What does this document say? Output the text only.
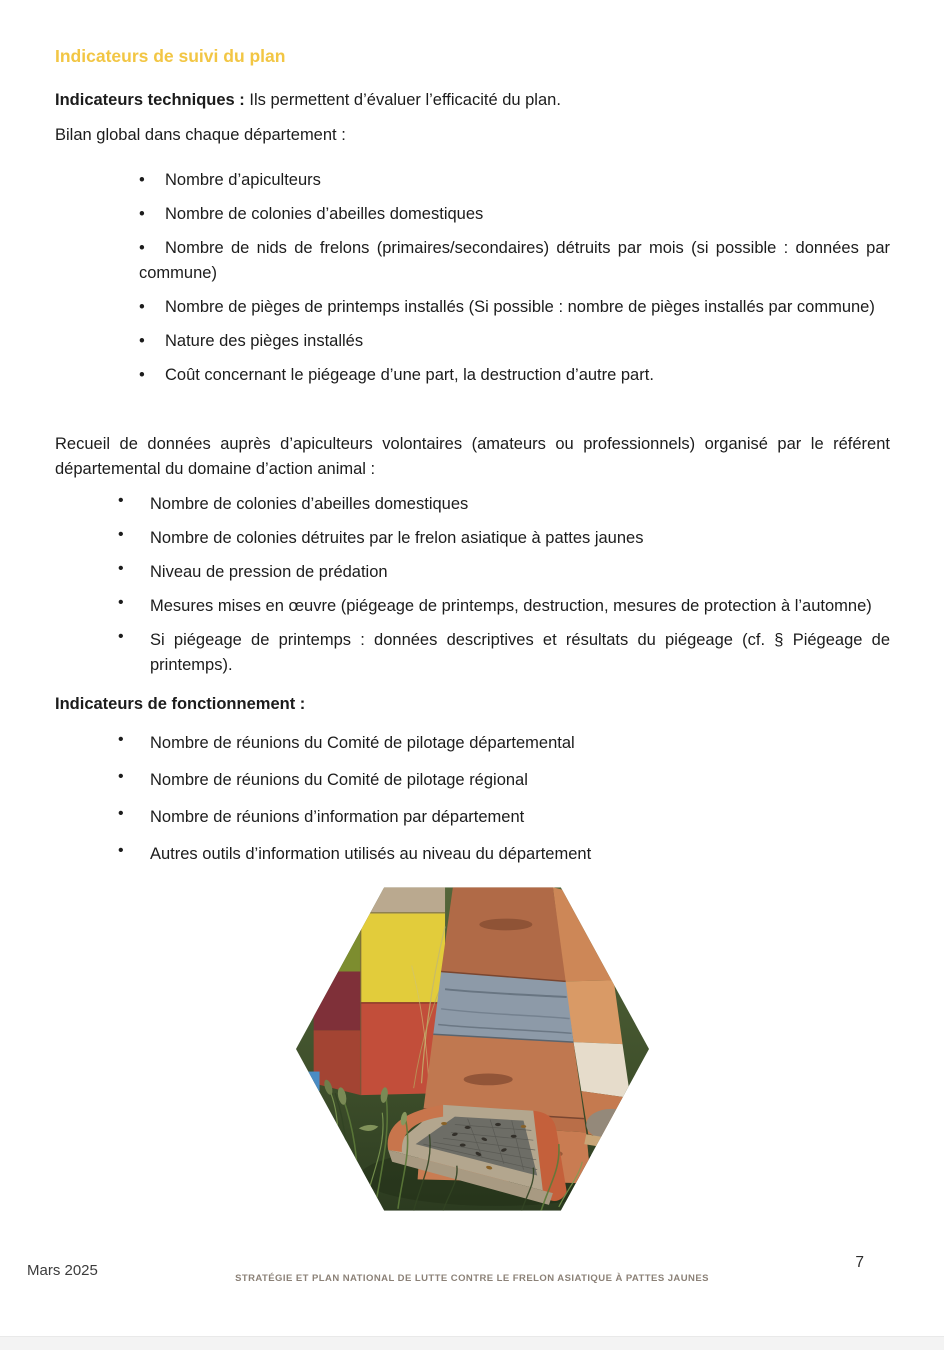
Indicateurs de suivi du plan

Indicateurs techniques : Ils permettent d’évaluer l’efficacité du plan.

Bilan global dans chaque département :

• Nombre d’apiculteurs
• Nombre de colonies d’abeilles domestiques
• Nombre de nids de frelons (primaires/secondaires) détruits par mois (si possible : données par commune)
• Nombre de pièges de printemps installés (Si possible : nombre de pièges installés par commune)
• Nature des pièges installés
• Coût concernant le piégeage d’une part, la destruction d’autre part.

Recueil de données auprès d’apiculteurs volontaires (amateurs ou professionnels) organisé par le référent départemental du domaine d’action animal :

•	Nombre de colonies d’abeilles domestiques
•	Nombre de colonies détruites par le frelon asiatique à pattes jaunes
•	Niveau de pression de prédation
•	Mesures mises en œuvre (piégeage de printemps, destruction, mesures de protection à l’automne)
•	Si piégeage de printemps : données descriptives et résultats du piégeage (cf. § Piégeage de printemps).
Indicateurs de fonctionnement :
•	Nombre de réunions du Comité de pilotage départemental
•	Nombre de réunions du Comité de pilotage régional
•	Nombre de réunions d’information par département
•	Autres outils d’information utilisés au niveau du département
Mars 2025	STRATÉGIE ET PLAN NATIONAL DE LUTTE CONTRE LE FRELON ASIATIQUE À PATTES JAUNES
7
